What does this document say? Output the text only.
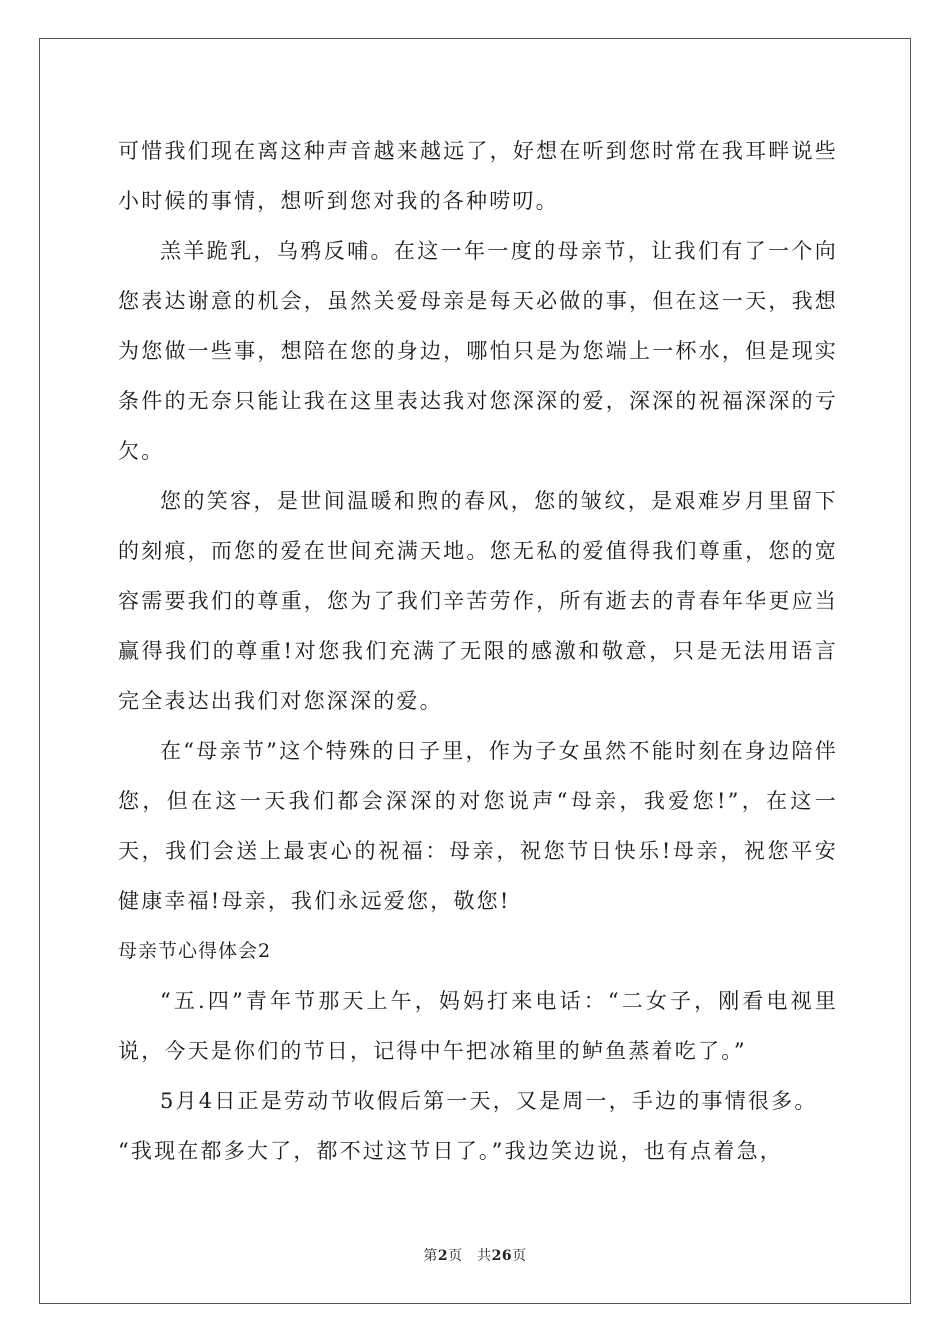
可惜我们现在离这种声音越来越远了，好想在听到您时常在我耳畔说些小时候的事情，想听到您对我的各种唠叨。

羔羊跪乳，乌鸦反哺。在这一年一度的母亲节，让我们有了一个向您表达谢意的机会，虽然关爱母亲是每天必做的事，但在这一天，我想为您做一些事，想陪在您的身边，哪怕只是为您端上一杯水，但是现实条件的无奈只能让我在这里表达我对您深深的爱，深深的祝福深深的亏欠。

您的笑容，是世间温暖和煦的春风，您的皱纹，是艰难岁月里留下的刻痕，而您的爱在世间充满天地。您无私的爱值得我们尊重，您的宽容需要我们的尊重，您为了我们辛苦劳作，所有逝去的青春年华更应当赢得我们的尊重!对您我们充满了无限的感激和敬意，只是无法用语言完全表达出我们对您深深的爱。

在“母亲节”这个特殊的日子里，作为子女虽然不能时刻在身边陪伴您，但在这一天我们都会深深的对您说声“母亲，我爱您!”，在这一天，我们会送上最衷心的祝福：母亲，祝您节日快乐!母亲，祝您平安健康幸福!母亲，我们永远爱您，敬您!

母亲节心得体会2

“五.四”青年节那天上午，妈妈打来电话：“二女子，刚看电视里说，今天是你们的节日，记得中午把冰箱里的鲈鱼蒸着吃了。”

5月4日正是劳动节收假后第一天，又是周一，手边的事情很多。

“我现在都多大了，都不过这节日了。”我边笑边说，也有点着急，

第2页　共26页
